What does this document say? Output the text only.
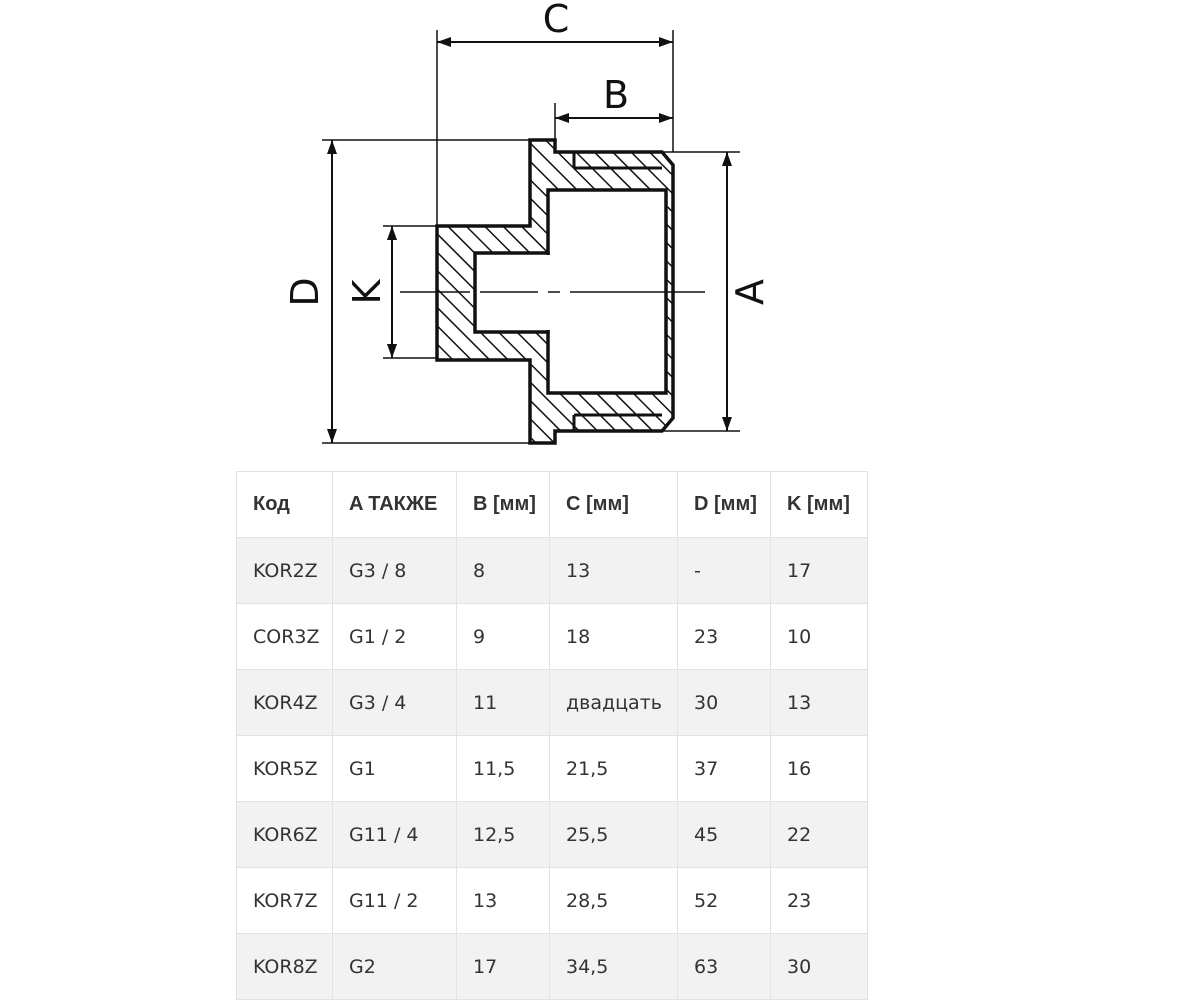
C
B
D K	A
Код	A ТАКЖЕ	B [мм]	C [мм]	D [мм]	K [мм]
KOR2Z	G3 / 8	8	13	-	17
COR3Z	G1 / 2	9	18	23	10
KOR4Z	G3 / 4	11	двадцать	30	13
KOR5Z	G1	11,5	21,5	37	16
KOR6Z	G11 / 4	12,5	25,5	45	22
KOR7Z	G11 / 2	13	28,5	52	23
KOR8Z	G2	17	34,5	63	30
